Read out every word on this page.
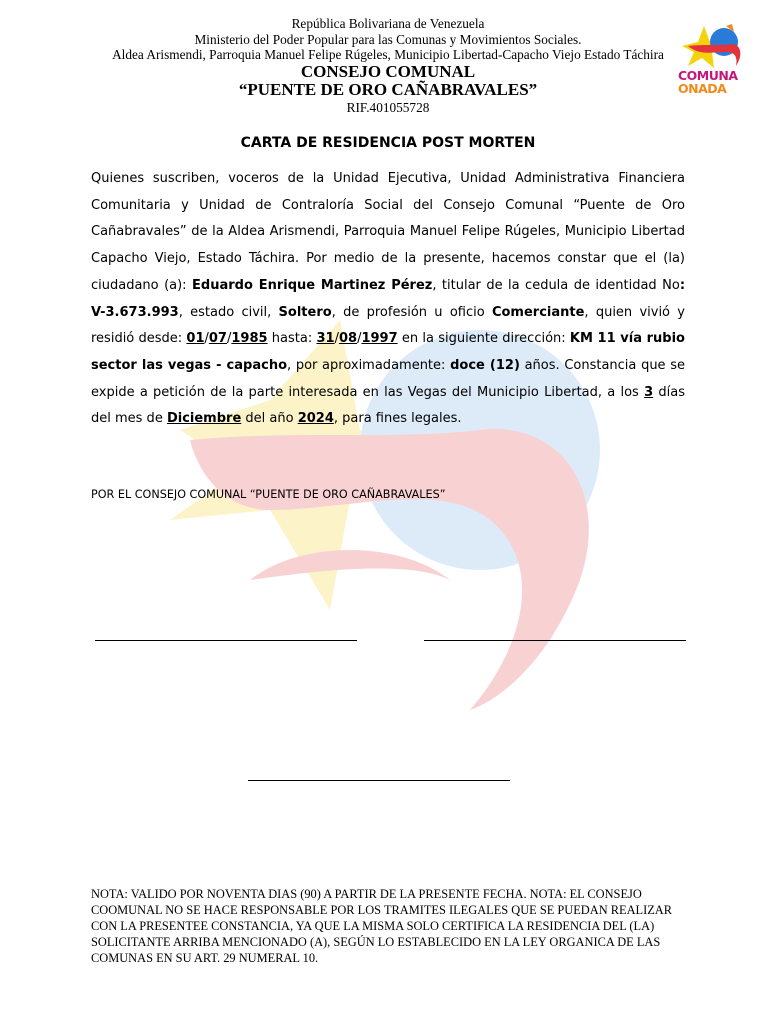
República Bolivariana de Venezuela
Ministerio del Poder Popular para las Comunas y Movimientos Sociales.
Aldea Arismendi, Parroquia Manuel Felipe Rúgeles, Municipio Libertad-Capacho Viejo Estado Táchira
CONSEJO COMUNAL
“PUENTE DE ORO CAÑABRAVALES”
RIF.401055728
COMUNA
ONADA
CARTA DE RESIDENCIA POST MORTEN
Quienes suscriben, voceros de la Unidad Ejecutiva, Unidad Administrativa Financiera Comunitaria y Unidad de Contraloría Social del Consejo Comunal “Puente de Oro Cañabravales” de la Aldea Arismendi, Parroquia Manuel Felipe Rúgeles, Municipio Libertad Capacho Viejo, Estado Táchira. Por medio de la presente, hacemos constar que el (la) ciudadano (a): Eduardo Enrique Martinez Pérez, titular de la cedula de identidad No: V-3.673.993, estado civil, Soltero, de profesión u oficio Comerciante, quien vivió y residió desde: 01/07/1985 hasta: 31/08/1997 en la siguiente dirección: KM 11 vía rubio sector las vegas - capacho, por aproximadamente: doce (12) años. Constancia que se expide a petición de la parte interesada en las Vegas del Municipio Libertad, a los 3 días del mes de Diciembre del año 2024, para fines legales.
POR EL CONSEJO COMUNAL “PUENTE DE ORO CAÑABRAVALES”
NOTA: VALIDO POR NOVENTA DIAS (90) A PARTIR DE LA PRESENTE FECHA. NOTA: EL CONSEJO COOMUNAL NO SE HACE RESPONSABLE POR LOS TRAMITES ILEGALES QUE SE PUEDAN REALIZAR CON LA PRESENTEE CONSTANCIA, YA QUE LA MISMA SOLO CERTIFICA LA RESIDENCIA DEL (LA) SOLICITANTE ARRIBA MENCIONADO (A), SEGÚN LO ESTABLECIDO EN LA LEY ORGANICA DE LAS COMUNAS EN SU ART. 29 NUMERAL 10.
